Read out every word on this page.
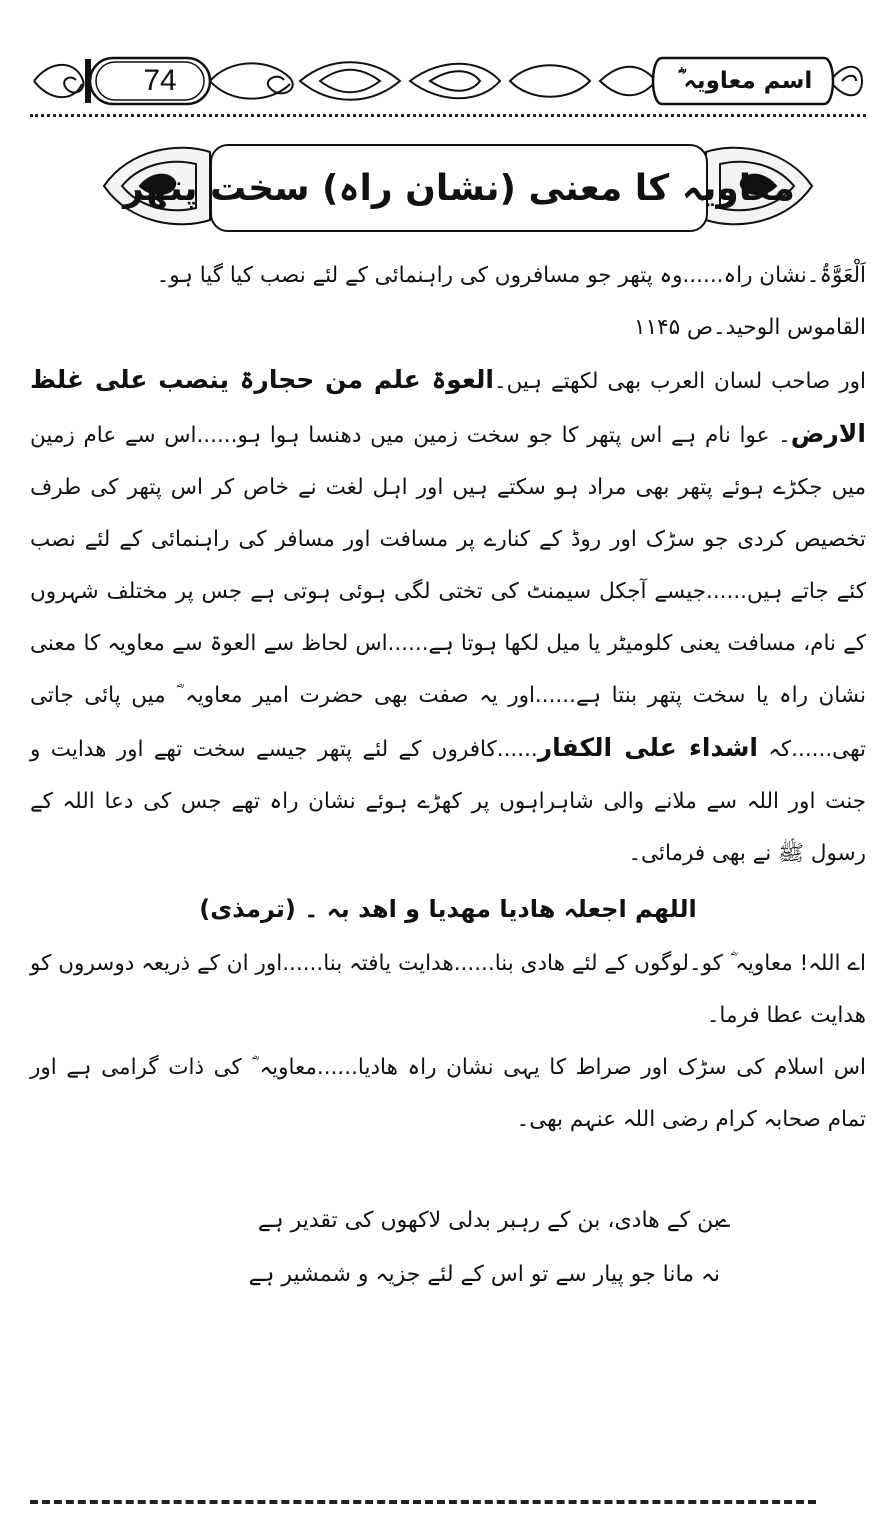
74	اسم معاویہ ؓ
معاویہ کا معنی (نشان راہ) سخت پتھر

اَلْعَوَّۃُ۔نشان راہ......وہ پتھر جو مسافروں کی راہنمائی کے لئے نصب کیا گیا ہو۔

القاموس الوحید۔ص ۱۱۴۵

اور صاحب لسان العرب بھی لکھتے ہیں۔العوۃ علم من حجارۃ ینصب علی غلظ الارض۔ عوا نام ہے اس پتھر کا جو سخت زمین میں دھنسا ہوا ہو......اس سے عام زمین میں جکڑے ہوئے پتھر بھی مراد ہو سکتے ہیں اور اہل لغت نے خاص کر اس پتھر کی طرف تخصیص کردی جو سڑک اور روڈ کے کنارے پر مسافت اور مسافر کی راہنمائی کے لئے نصب کئے جاتے ہیں......جیسے آجکل سیمنٹ کی تختی لگی ہوئی ہوتی ہے جس پر مختلف شہروں کے نام، مسافت یعنی کلومیٹر یا میل لکھا ہوتا ہے......اس لحاظ سے العوۃ سے معاویہ کا معنی نشان راہ یا سخت پتھر بنتا ہے......اور یہ صفت بھی حضرت امیر معاویہ ؓ میں پائی جاتی تھی......کہ اشداء علی الکفار......کافروں کے لئے پتھر جیسے سخت تھے اور ھدایت و جنت اور اللہ سے ملانے والی شاہراہوں پر کھڑے ہوئے نشان راہ تھے جس کی دعا اللہ کے رسول ﷺ نے بھی فرمائی۔

اللھم اجعلہ ھادیا مھدیا و اھد بہ ۔ (ترمذی)

اے اللہ! معاویہ ؓ کو۔لوگوں کے لئے ھادی بنا......ھدایت یافتہ بنا......اور ان کے ذریعہ دوسروں کو ھدایت عطا فرما۔

اس اسلام کی سڑک اور صراط کا یہی نشان راہ ھادیا......معاویہ ؓ کی ذات گرامی ہے اور تمام صحابہ کرام رضی اللہ عنہم بھی۔

ے
بن کے ھادی، بن کے رہبر بدلی لاکھوں کی تقدیر ہے
نہ مانا جو پیار سے تو اس کے لئے جزیہ و شمشیر ہے
